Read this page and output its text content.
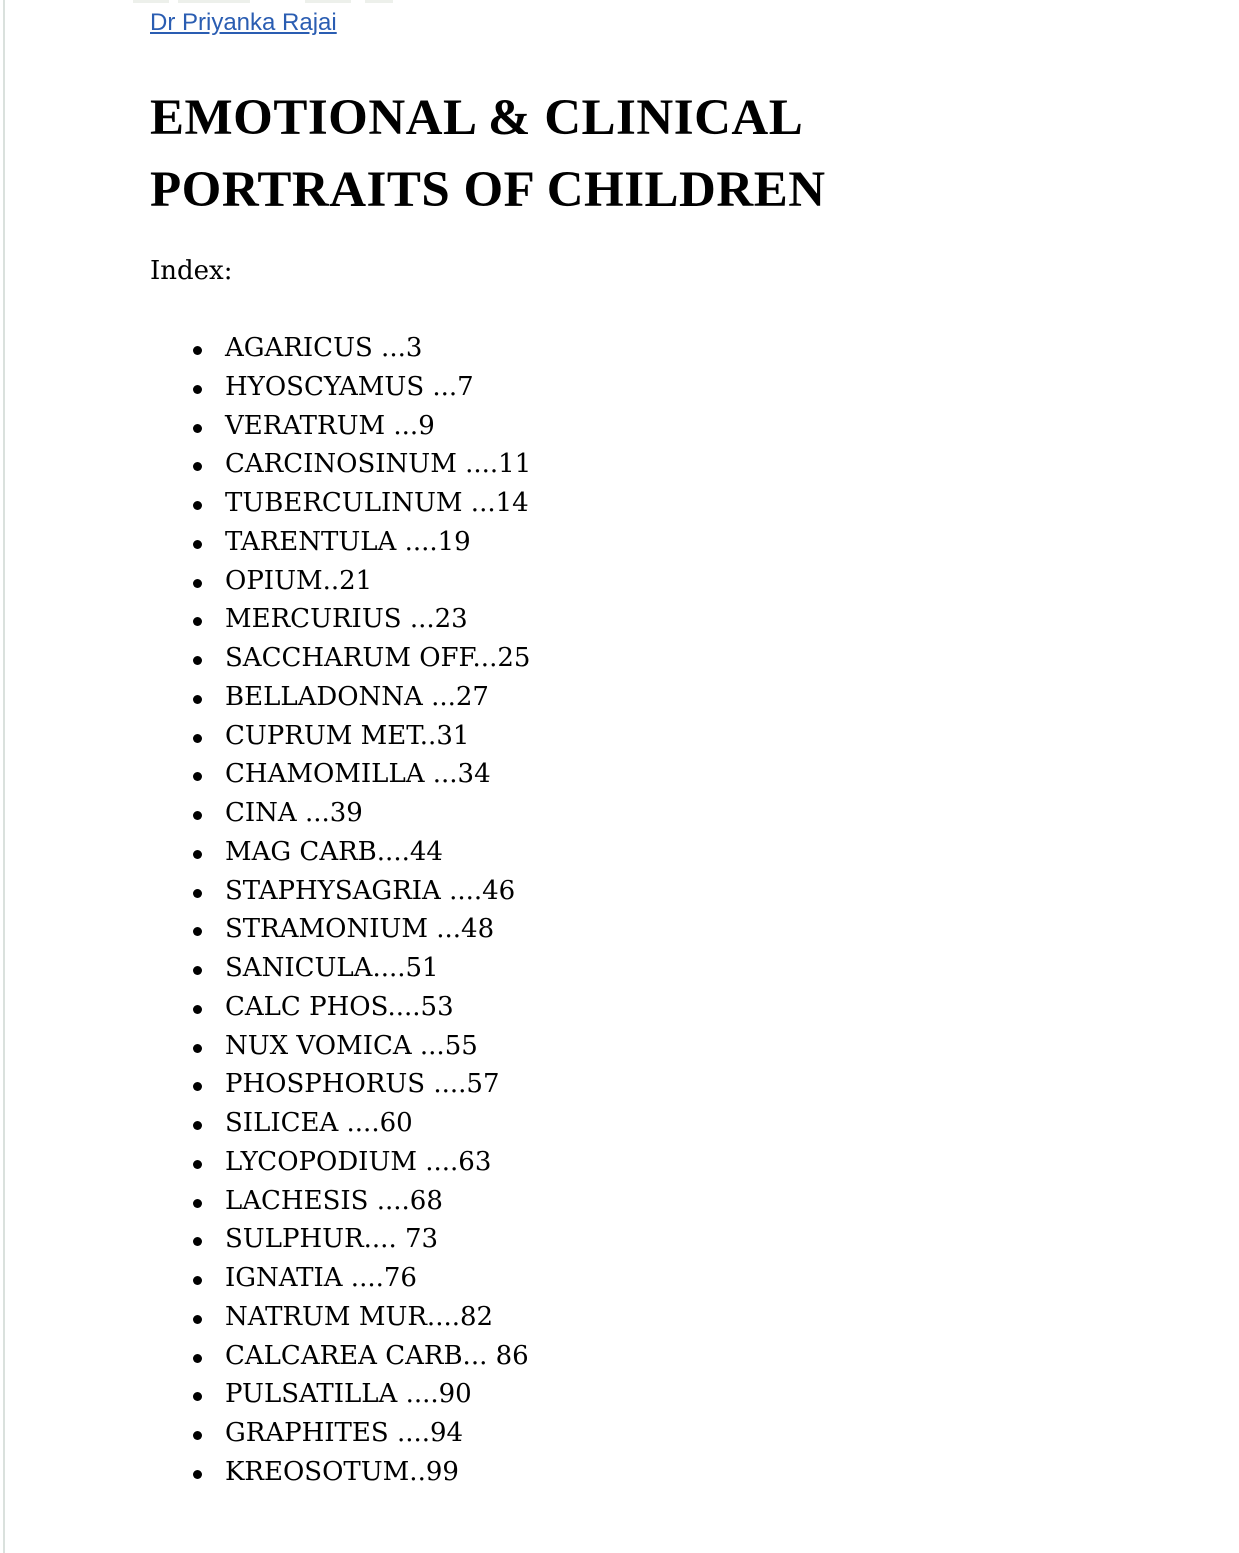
Dr Priyanka Rajai
EMOTIONAL & CLINICAL
PORTRAITS OF CHILDREN

Index:

AGARICUS ...3
HYOSCYAMUS ...7
VERATRUM ...9
CARCINOSINUM ....11
TUBERCULINUM ...14
TARENTULA ....19
OPIUM..21
MERCURIUS ...23
SACCHARUM OFF...25
BELLADONNA ...27
CUPRUM MET..31
CHAMOMILLA ...34
CINA ...39
MAG CARB....44
STAPHYSAGRIA ....46
STRAMONIUM ...48
SANICULA....51
CALC PHOS....53
NUX VOMICA ...55
PHOSPHORUS ....57
SILICEA ....60
LYCOPODIUM ....63
LACHESIS ....68
SULPHUR.... 73
IGNATIA ....76
NATRUM MUR....82
CALCAREA CARB... 86
PULSATILLA ....90
GRAPHITES ....94
KREOSOTUM..99
